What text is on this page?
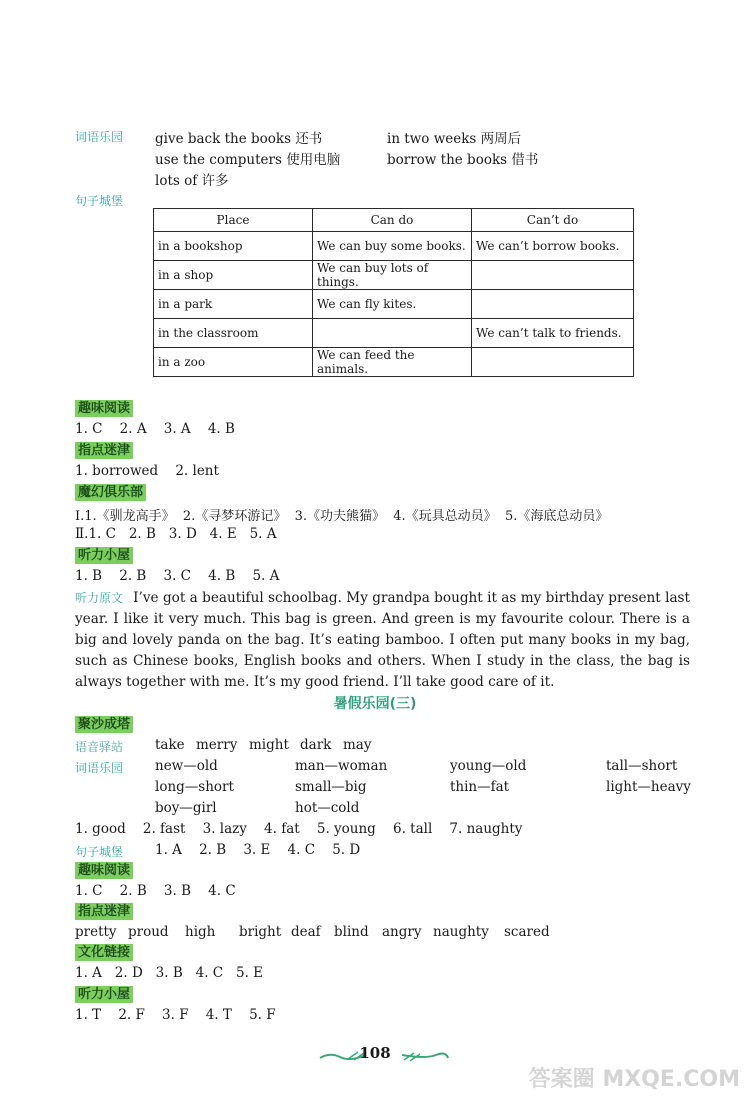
词语乐园 give back the books 还书	in two weeks 两周后
use the computers 使用电脑	borrow the books 借书
lots of 许多
句子城堡
Place	Can do	Can’t do
in a bookshop	We can buy some books.	We can’t borrow books.
in a shop	We can buy lots of things.	
in a park	We can fly kites.	
in the classroom		We can’t talk to friends.
in a zoo	We can feed the animals.	
趣味阅读
1. C    2. A    3. A    4. B
指点迷津
1. borrowed    2. lent
魔幻俱乐部
Ⅰ.1.《驯龙高手》  2.《寻梦环游记》  3.《功夫熊猫》  4.《玩具总动员》  5.《海底总动员》
Ⅱ.1. C   2. B   3. D   4. E   5. A
听力小屋
1. B    2. B    3. C    4. B    5. A
听力原文 I’ve got a beautiful schoolbag. My grandpa bought it as my birthday present last year. I like it very much. This bag is green. And green is my favourite colour. There is a big and lovely panda on the bag. It’s eating bamboo. I often put many books in my bag, such as Chinese books, English books and others. When I study in the class, the bag is always together with me. It’s my good friend. I’ll take good care of it.
暑假乐园(三)
聚沙成塔
语音驿站 take merry might dark may
词语乐园 new—old	man—woman	young—old	tall—short
long—short	small—big	thin—fat	light—heavy
boy—girl	hot—cold
1. good    2. fast    3. lazy    4. fat    5. young    6. tall    7. naughty
句子城堡 1. A    2. B    3. E    4. C    5. D
趣味阅读
1. C    2. B    3. B    4. C
指点迷津
pretty proud high bright deaf blind angry naughty scared
文化链接
1. A   2. D   3. B   4. C   5. E
听力小屋
1. T    2. F    3. F    4. T    5. F
108
答案圈 MXQE.COM
